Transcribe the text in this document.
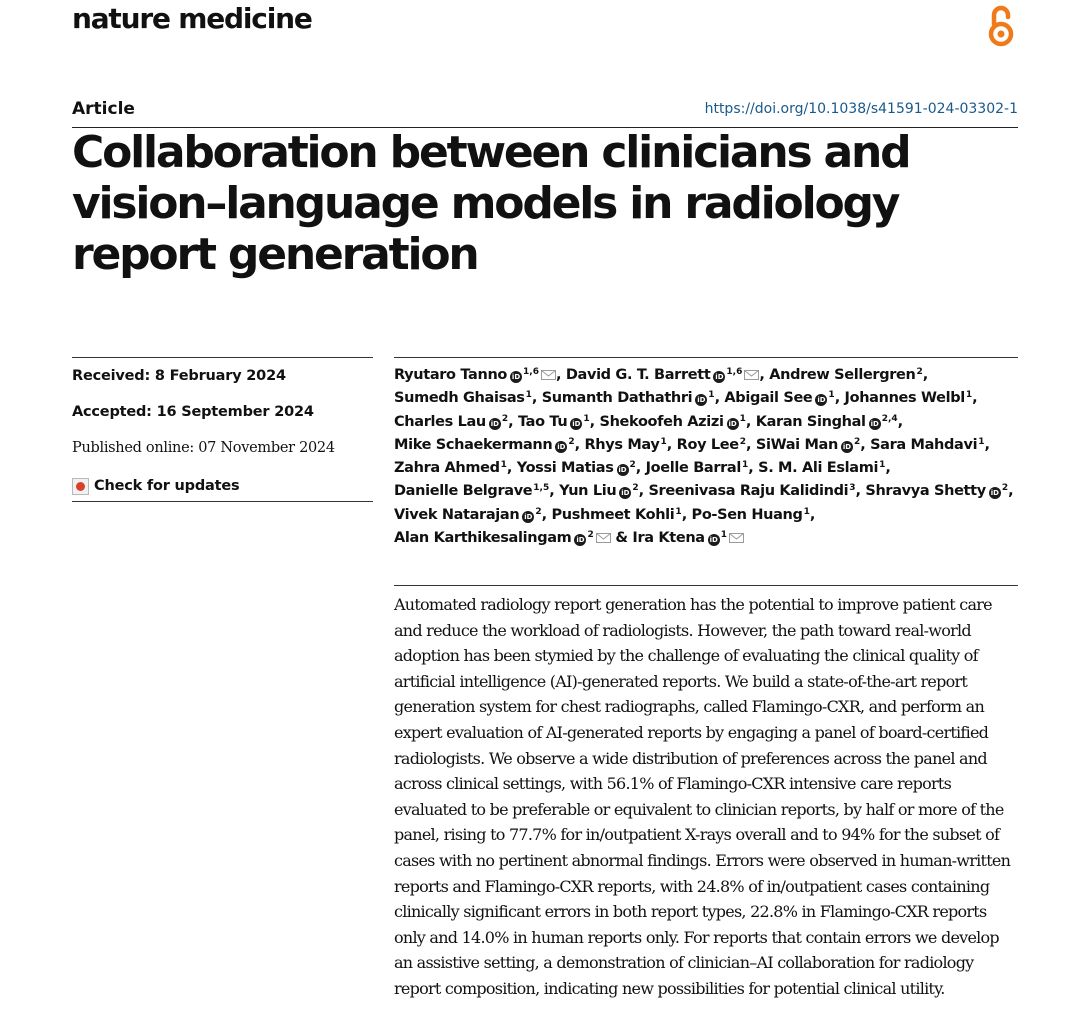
nature medicine
Article	https://doi.org/10.1038/s41591-024-03302-1
Collaboration between clinicians and vision–language models in radiology report generation
Received: 8 February 2024
Accepted: 16 September 2024
Published online: 07 November 2024
Check for updates

Ryutaro Tanno iD $^{1,6}$ , David G. T. Barrett iD $^{1,6}$ , Andrew Sellergren$^2$, Sumedh Ghaisas$^1$, Sumanth Dathathri iD $^1$, Abigail See iD $^1$, Johannes Welbl$^1$, Charles Lau iD $^2$, Tao Tu iD $^1$, Shekoofeh Azizi iD $^1$, Karan Singhal iD $^{2,4}$, Mike Schaekermann iD $^2$, Rhys May$^1$, Roy Lee$^2$, SiWai Man iD $^2$, Sara Mahdavi$^1$, Zahra Ahmed$^1$, Yossi Matias iD $^2$, Joelle Barral$^1$, S. M. Ali Eslami$^1$, Danielle Belgrave$^{1,5}$, Yun Liu iD $^2$, Sreenivasa Raju Kalidindi$^3$, Shravya Shetty iD $^2$, Vivek Natarajan iD $^2$, Pushmeet Kohli$^1$, Po-Sen Huang$^1$, Alan Karthikesalingam iD $^2$ & Ira Ktena iD $^1$

Automated radiology report generation has the potential to improve patient care and reduce the workload of radiologists. However, the path toward real-world adoption has been stymied by the challenge of evaluating the clinical quality of artificial intelligence (AI)-generated reports. We build a state-of-the-art report generation system for chest radiographs, called Flamingo-CXR, and perform an expert evaluation of AI-generated reports by engaging a panel of board-certified radiologists. We observe a wide distribution of preferences across the panel and across clinical settings, with 56.1% of Flamingo-CXR intensive care reports evaluated to be preferable or equivalent to clinician reports, by half or more of the panel, rising to 77.7% for in/outpatient X-rays overall and to 94% for the subset of cases with no pertinent abnormal findings. Errors were observed in human-written reports and Flamingo-CXR reports, with 24.8% of in/outpatient cases containing clinically significant errors in both report types, 22.8% in Flamingo-CXR reports only and 14.0% in human reports only. For reports that contain errors we develop an assistive setting, a demonstration of clinician–AI collaboration for radiology report composition, indicating new possibilities for potential clinical utility.
